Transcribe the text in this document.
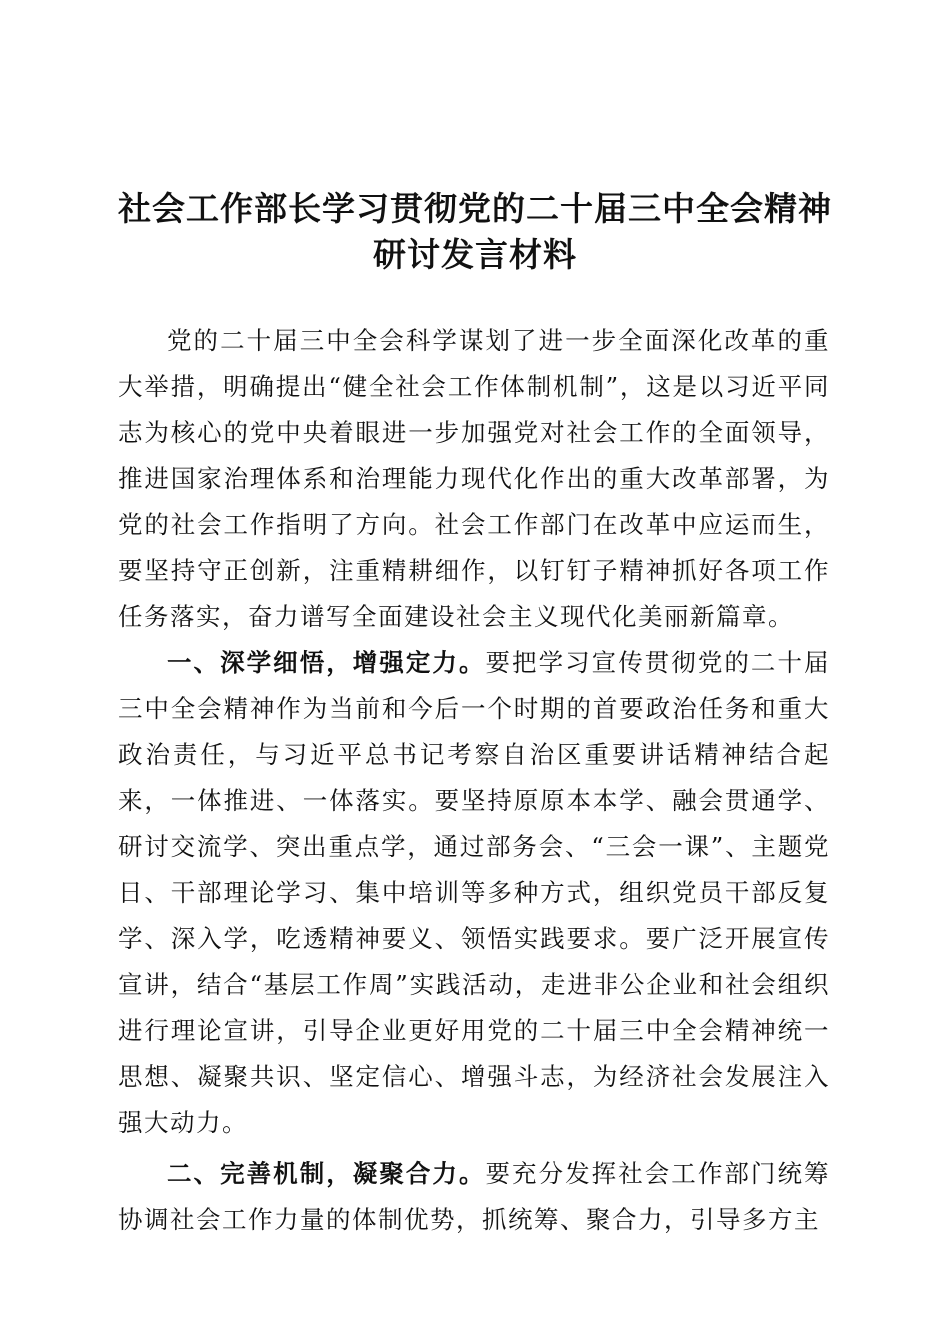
社会工作部长学习贯彻党的二十届三中全会精神研讨发言材料

党的二十届三中全会科学谋划了进一步全面深化改革的重大举措，明确提出“健全社会工作体制机制”，这是以习近平同志为核心的党中央着眼进一步加强党对社会工作的全面领导，推进国家治理体系和治理能力现代化作出的重大改革部署，为党的社会工作指明了方向。社会工作部门在改革中应运而生，要坚持守正创新，注重精耕细作，以钉钉子精神抓好各项工作任务落实，奋力谱写全面建设社会主义现代化美丽新篇章。

一、深学细悟，增强定力。要把学习宣传贯彻党的二十届三中全会精神作为当前和今后一个时期的首要政治任务和重大政治责任，与习近平总书记考察自治区重要讲话精神结合起来，一体推进、一体落实。要坚持原原本本学、融会贯通学、研讨交流学、突出重点学，通过部务会、“三会一课”、主题党日、干部理论学习、集中培训等多种方式，组织党员干部反复学、深入学，吃透精神要义、领悟实践要求。要广泛开展宣传宣讲，结合“基层工作周”实践活动，走进非公企业和社会组织进行理论宣讲，引导企业更好用党的二十届三中全会精神统一思想、凝聚共识、坚定信心、增强斗志，为经济社会发展注入强大动力。

二、完善机制，凝聚合力。要充分发挥社会工作部门统筹协调社会工作力量的体制优势，抓统筹、聚合力，引导多方主
